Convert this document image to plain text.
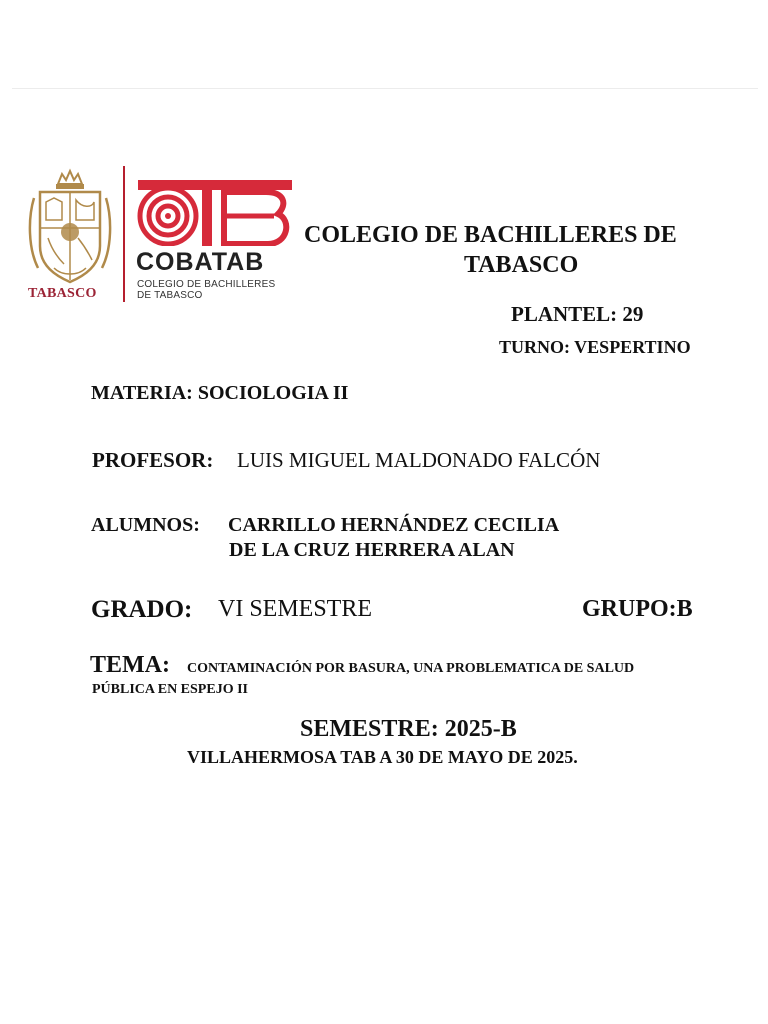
TABASCO
COBATAB
COLEGIO DE BACHILLERES
DE TABASCO
COLEGIO DE BACHILLERES DE
TABASCO
PLANTEL: 29
TURNO: VESPERTINO
MATERIA: SOCIOLOGIA II
PROFESOR: LUIS MIGUEL MALDONADO FALCÓN
ALUMNOS: CARRILLO HERNÁNDEZ CECILIA
DE LA CRUZ HERRERA ALAN
GRADO: VI SEMESTRE	GRUPO:B
TEMA: CONTAMINACIÓN POR BASURA, UNA PROBLEMATICA DE SALUD
PÚBLICA EN ESPEJO II
SEMESTRE: 2025-B
VILLAHERMOSA TAB A 30 DE MAYO DE 2025.
